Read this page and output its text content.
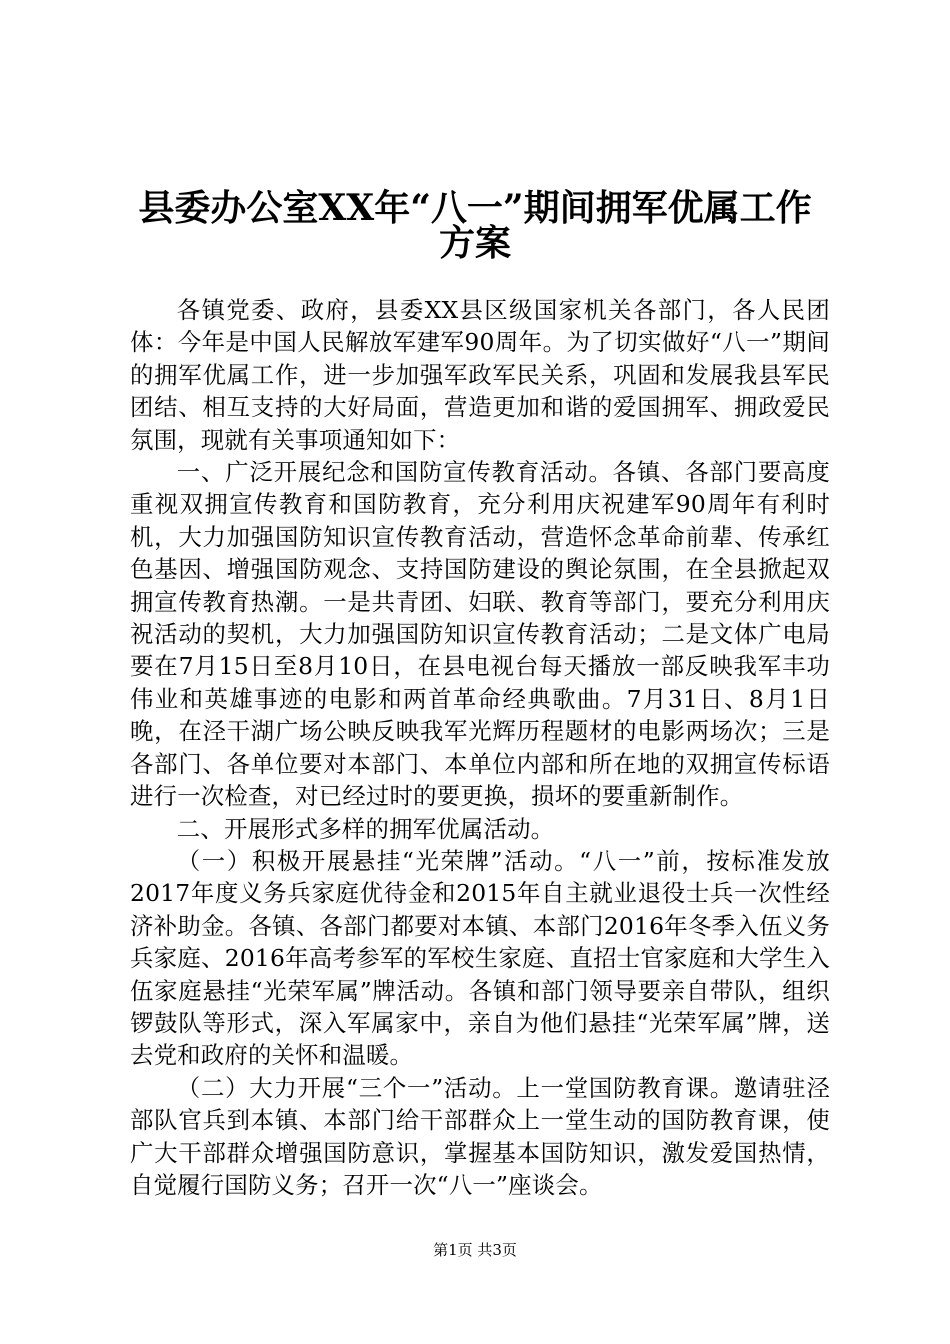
县委办公室XX年“八一”期间拥军优属工作
方案

各镇党委、政府，县委XX县区级国家机关各部门，各人民团体：今年是中国人民解放军建军90周年。为了切实做好“八一”期间的拥军优属工作，进一步加强军政军民关系，巩固和发展我县军民团结、相互支持的大好局面，营造更加和谐的爱国拥军、拥政爱民氛围，现就有关事项通知如下：

一、广泛开展纪念和国防宣传教育活动。各镇、各部门要高度重视双拥宣传教育和国防教育，充分利用庆祝建军90周年有利时机，大力加强国防知识宣传教育活动，营造怀念革命前辈、传承红色基因、增强国防观念、支持国防建设的舆论氛围，在全县掀起双拥宣传教育热潮。一是共青团、妇联、教育等部门，要充分利用庆祝活动的契机，大力加强国防知识宣传教育活动；二是文体广电局要在7月15日至8月10日，在县电视台每天播放一部反映我军丰功伟业和英雄事迹的电影和两首革命经典歌曲。7月31日、8月1日晚，在泾干湖广场公映反映我军光辉历程题材的电影两场次；三是各部门、各单位要对本部门、本单位内部和所在地的双拥宣传标语进行一次检查，对已经过时的要更换，损坏的要重新制作。

二、开展形式多样的拥军优属活动。

（一）积极开展悬挂“光荣牌”活动。“八一”前，按标准发放2017年度义务兵家庭优待金和2015年自主就业退役士兵一次性经济补助金。各镇、各部门都要对本镇、本部门2016年冬季入伍义务兵家庭、2016年高考参军的军校生家庭、直招士官家庭和大学生入伍家庭悬挂“光荣军属”牌活动。各镇和部门领导要亲自带队，组织锣鼓队等形式，深入军属家中，亲自为他们悬挂“光荣军属”牌，送去党和政府的关怀和温暖。

（二）大力开展“三个一”活动。上一堂国防教育课。邀请驻泾部队官兵到本镇、本部门给干部群众上一堂生动的国防教育课，使广大干部群众增强国防意识，掌握基本国防知识，激发爱国热情，自觉履行国防义务；召开一次“八一”座谈会。

第1页 共3页
